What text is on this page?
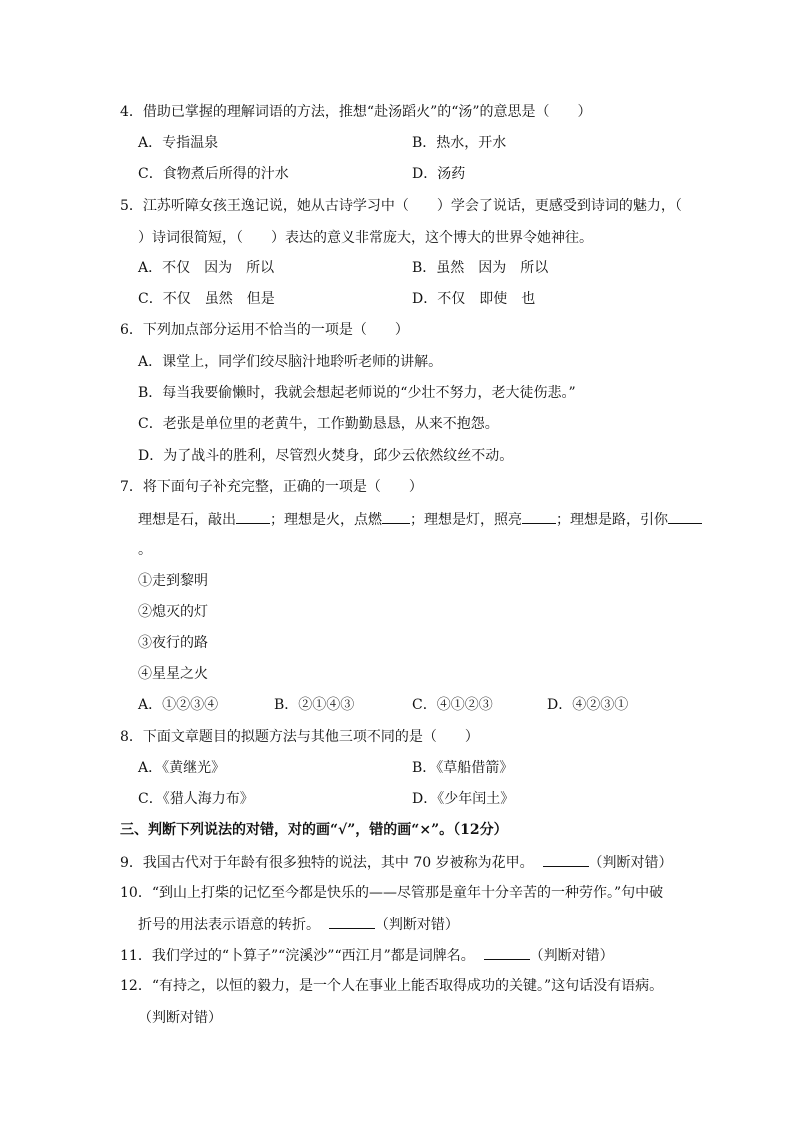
4．借助已掌握的理解词语的方法，推想“赴汤蹈火”的“汤”的意思是（　　）
A．专指温泉	B．热水，开水
C．食物煮后所得的汁水	D．汤药
5．江苏听障女孩王逸记说，她从古诗学习中（　　）学会了说话，更感受到诗词的魅力，（
）诗词很简短，（　　）表达的意义非常庞大，这个博大的世界令她神往。
A．不仅　因为　所以	B．虽然　因为　所以
C．不仅　虽然　但是	D．不仅　即使　也
6．下列加点部分运用不恰当的一项是（　　）
A．课堂上，同学们绞尽脑汁地聆听老师的讲解。
B．每当我要偷懒时，我就会想起老师说的“少壮不努力，老大徒伤悲。”
C．老张是单位里的老黄牛，工作勤勤恳恳，从来不抱怨。
D．为了战斗的胜利，尽管烈火焚身，邱少云依然纹丝不动。
7．将下面句子补充完整，正确的一项是（　　）
理想是石，敲出 ；理想是火，点燃 ；理想是灯，照亮 ；理想是路，引你
。
①走到黎明
②熄灭的灯
③夜行的路
④星星之火
A．①②③④	B．②①④③	C．④①②③	D．④②③①
8．下面文章题目的拟题方法与其他三项不同的是（　　）
A．《黄继光》	B．《草船借箭》
C．《猎人海力布》	D．《少年闰土》
三、判断下列说法的对错，对的画“√”，错的画“×”。（12分）
9．我国古代对于年龄有很多独特的说法，其中 70 岁被称为花甲。	（判断对错）
10．“到山上打柴的记忆至今都是快乐的——尽管那是童年十分辛苦的一种劳作。”句中破
折号的用法表示语意的转折。	（判断对错）
11．我们学过的“卜算子”“浣溪沙”“西江月”都是词牌名。	（判断对错）
12．“有持之，以恒的毅力，是一个人在事业上能否取得成功的关键。”这句话没有语病。
（判断对错）
